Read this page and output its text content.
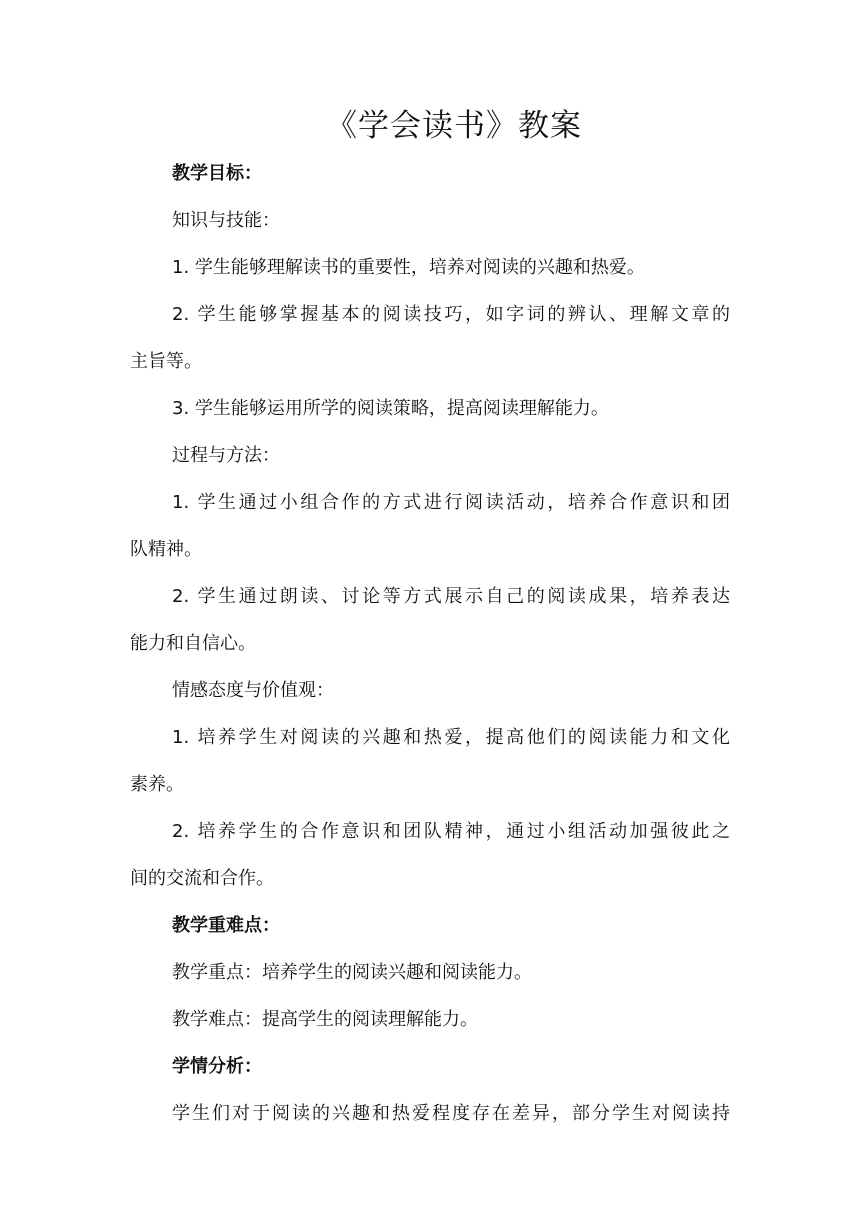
《学会读书》教案
教学目标：
知识与技能：
1. 学生能够理解读书的重要性，培养对阅读的兴趣和热爱。
2. 学生能够掌握基本的阅读技巧，如字词的辨认、理解文章的
主旨等。
3. 学生能够运用所学的阅读策略，提高阅读理解能力。
过程与方法：
1. 学生通过小组合作的方式进行阅读活动，培养合作意识和团
队精神。
2. 学生通过朗读、讨论等方式展示自己的阅读成果，培养表达
能力和自信心。
情感态度与价值观：
1. 培养学生对阅读的兴趣和热爱，提高他们的阅读能力和文化
素养。
2. 培养学生的合作意识和团队精神，通过小组活动加强彼此之
间的交流和合作。
教学重难点：
教学重点：培养学生的阅读兴趣和阅读能力。
教学难点：提高学生的阅读理解能力。
学情分析：
学生们对于阅读的兴趣和热爱程度存在差异，部分学生对阅读持
